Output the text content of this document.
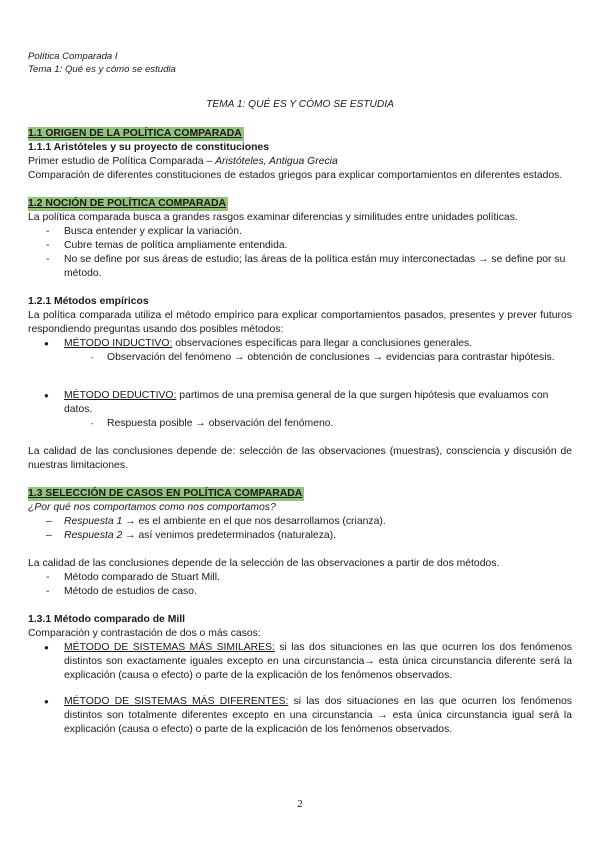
Política Comparada I
Tema 1: Qué es y cómo se estudia
TEMA 1: QUÉ ES Y CÓMO SE ESTUDIA
1.1 ORIGEN DE LA POLÍTICA COMPARADA
1.1.1 Aristóteles y su proyecto de constituciones
Primer estudio de Política Comparada – Aristóteles, Antigua Grecia
Comparación de diferentes constituciones de estados griegos para explicar comportamientos en diferentes estados.
1.2 NOCIÓN DE POLÍTICA COMPARADA
La política comparada busca a grandes rasgos examinar diferencias y similitudes entre unidades políticas.
- Busca entender y explicar la variación.
- Cubre temas de política ampliamente entendida.
- No se define por sus áreas de estudio; las áreas de la política están muy interconectadas → se define por su método.
1.2.1 Métodos empíricos
La política comparada utiliza el método empírico para explicar comportamientos pasados, presentes y prever futuros respondiendo preguntas usando dos posibles métodos:
● MÉTODO INDUCTIVO: observaciones específicas para llegar a conclusiones generales.
- Observación del fenómeno → obtención de conclusiones → evidencias para contrastar hipótesis.
● MÉTODO DEDUCTIVO: partimos de una premisa general de la que surgen hipótesis que evaluamos con datos.
- Respuesta posible → observación del fenómeno.
La calidad de las conclusiones depende de: selección de las observaciones (muestras), consciencia y discusión de nuestras limitaciones.
1.3 SELECCIÓN DE CASOS EN POLÍTICA COMPARADA
¿Por qué nos comportamos como nos comportamos?
– Respuesta 1 → es el ambiente en el que nos desarrollamos (crianza).
– Respuesta 2 → así venimos predeterminados (naturaleza).
La calidad de las conclusiones depende de la selección de las observaciones a partir de dos métodos.
- Método comparado de Stuart Mill.
- Método de estudios de caso.
1.3.1 Método comparado de Mill
Comparación y contrastación de dos o más casos:
● MÉTODO DE SISTEMAS MÁS SIMILARES: si las dos situaciones en las que ocurren los dos fenómenos distintos son exactamente iguales excepto en una circunstancia→ esta única circunstancia diferente será la explicación (causa o efecto) o parte de la explicación de los fenómenos observados.
● MÉTODO DE SISTEMAS MÁS DIFERENTES: si las dos situaciones en las que ocurren los fenómenos distintos son totalmente diferentes excepto en una circunstancia → esta única circunstancia igual será la explicación (causa o efecto) o parte de la explicación de los fenómenos observados.
2
